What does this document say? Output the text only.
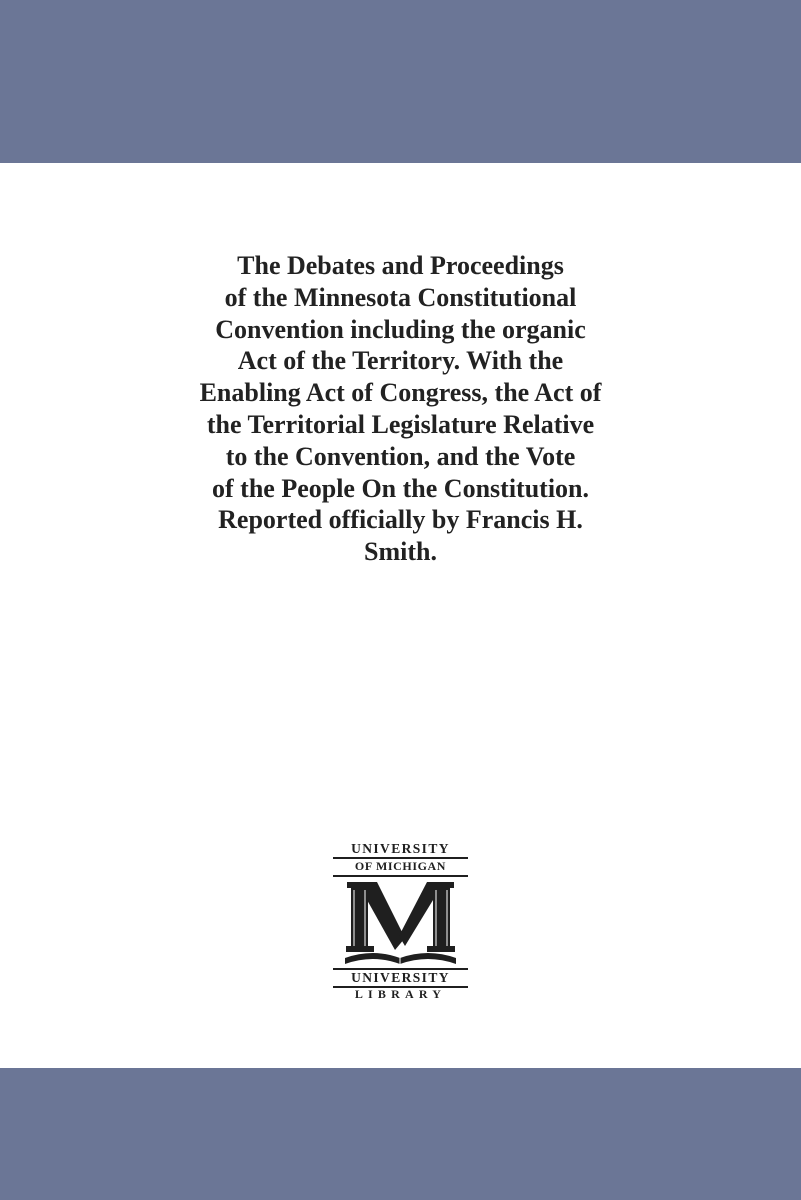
The Debates and Proceedings
of the Minnesota Constitutional
Convention including the organic
Act of the Territory. With the
Enabling Act of Congress, the Act of
the Territorial Legislature Relative
to the Convention, and the Vote
of the People On the Constitution.
Reported officially by Francis H.
Smith.
UNIVERSITY
OF MICHIGAN
UNIVERSITY
LIBRARY
